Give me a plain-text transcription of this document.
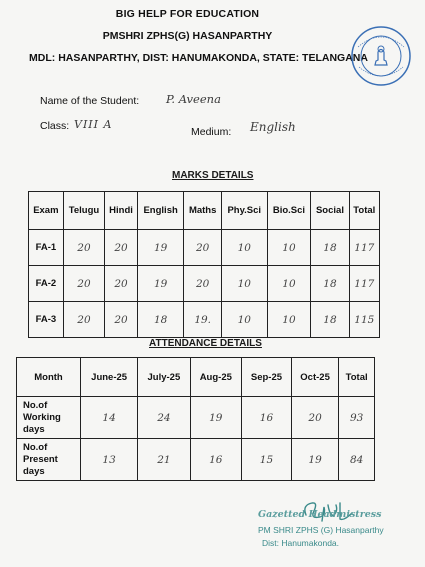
BIG HELP FOR EDUCATION
PMSHRI ZPHS(G) HASANPARTHY
MDL: HASANPARTHY, DIST: HANUMAKONDA, STATE: TELANGANA
Name of the Student: P. Aveena
Class: VIII A
Medium: English
MARKS DETAILS
Exam	Telugu	Hindi	English	Maths	Phy.Sci	Bio.Sci	Social	Total
FA-1	20	20	19	20	10	10	18	117
FA-2	20	20	19	20	10	10	18	117
FA-3	20	20	18	19.	10	10	18	115
ATTENDANCE DETAILS
Month	June-25	July-25	Aug-25	Sep-25	Oct-25	Total
No.of Working days	14	24	19	16	20	93
No.of Present days	13	21	16	15	19	84
Gazetted Headmistress
PM SHRI ZPHS (G) Hasanparthy
Dist: Hanumakonda.
